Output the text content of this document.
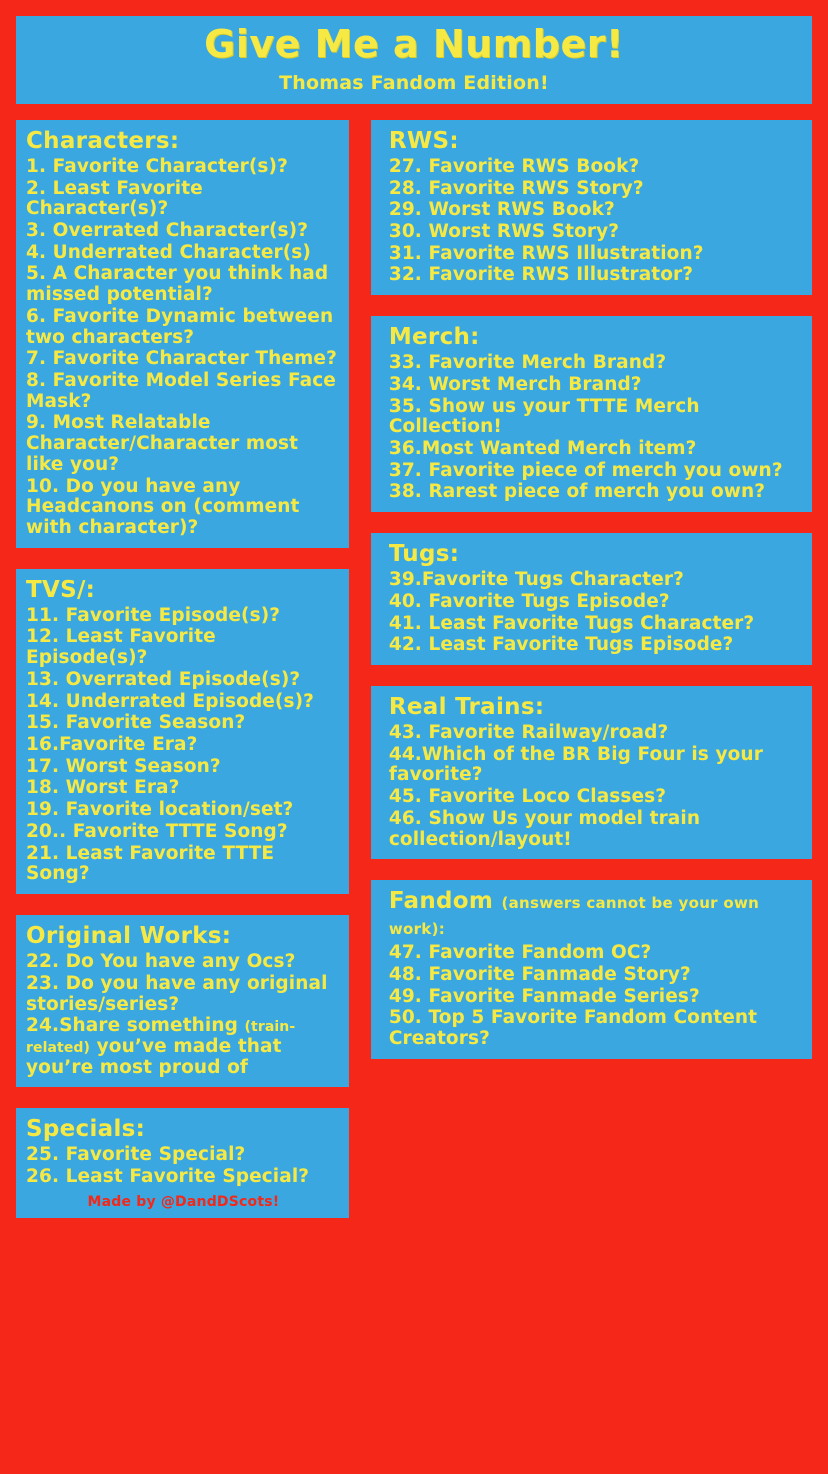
Give Me a Number!
Thomas Fandom Edition!
Characters:
1. Favorite Character(s)?
2. Least Favorite Character(s)?
3. Overrated Character(s)?
4. Underrated Character(s)
5. A Character you think had missed potential?
6. Favorite Dynamic between two characters?
7. Favorite Character Theme?
8. Favorite Model Series Face Mask?
9. Most Relatable Character/Character most like you?
10. Do you have any Headcanons on (comment with character)?
TVS/:
11. Favorite Episode(s)?
12. Least Favorite Episode(s)?
13. Overrated Episode(s)?
14. Underrated Episode(s)?
15. Favorite Season?
16.Favorite Era?
17. Worst Season?
18. Worst Era?
19. Favorite location/set?
20.. Favorite TTTE Song?
21. Least Favorite TTTE Song?
Original Works:
22. Do You have any Ocs?
23. Do you have any original stories/series?
24.Share something (train-related) you’ve made that you’re most proud of
Specials:
25. Favorite Special?
26. Least Favorite Special?
Made by @DandDScots!
RWS:
27. Favorite RWS Book?
28. Favorite RWS Story?
29. Worst RWS Book?
30. Worst RWS Story?
31. Favorite RWS Illustration?
32. Favorite RWS Illustrator?
Merch:
33. Favorite Merch Brand?
34. Worst Merch Brand?
35. Show us your TTTE Merch Collection!
36.Most Wanted Merch item?
37. Favorite piece of merch you own?
38. Rarest piece of merch you own?
Tugs:
39.Favorite Tugs Character?
40. Favorite Tugs Episode?
41. Least Favorite Tugs Character?
42. Least Favorite Tugs Episode?
Real Trains:
43. Favorite Railway/road?
44.Which of the BR Big Four is your favorite?
45. Favorite Loco Classes?
46. Show Us your model train collection/layout!
Fandom (answers cannot be your own work):
47. Favorite Fandom OC?
48. Favorite Fanmade Story?
49. Favorite Fanmade Series?
50. Top 5 Favorite Fandom Content Creators?
